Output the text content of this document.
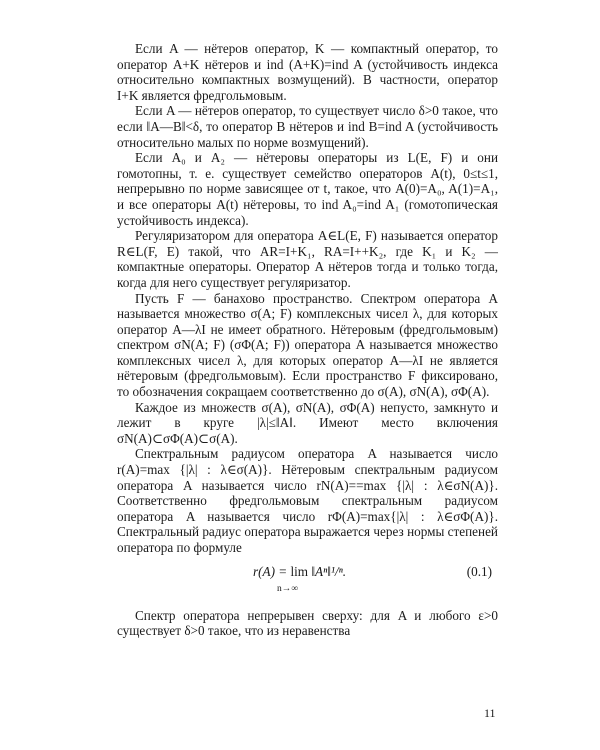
Если A — нётеров оператор, K — компактный оператор, то оператор A+K нётеров и ind (A+K)=ind A (устойчивость индекса относительно компактных возмущений). В частности, оператор I+K является фредгольмовым.

Если A — нётеров оператор, то существует число δ>0 такое, что если ‖A—B‖<δ, то оператор B нётеров и ind B=ind A (устойчивость относительно малых по норме возмущений).

Если A₀ и A₂ — нётеровы операторы из L(E, F) и они гомотопны, т. е. существует семейство операторов A(t), 0≤t≤1, непрерывно по норме зависящее от t, такое, что A(0)=A₀, A(1)=A₁, и все операторы A(t) нётеровы, то ind A₀=ind A₁ (гомотопическая устойчивость индекса).

Регуляризатором для оператора A∈L(E, F) называется оператор R∈L(F, E) такой, что AR=I+K₁, RA=I++K₂, где K₁ и K₂ — компактные операторы. Оператор A нётеров тогда и только тогда, когда для него существует регуляризатор.

Пусть F — банахово пространство. Спектром оператора A называется множество σ(A; F) комплексных чисел λ, для которых оператор A—λI не имеет обратного. Нётеровым (фредгольмовым) спектром σN(A; F) (σΦ(A; F)) оператора A называется множество комплексных чисел λ, для которых оператор A—λI не является нётеровым (фредгольмовым). Если пространство F фиксировано, то обозначения сокращаем соответственно до σ(A), σN(A), σΦ(A).

Каждое из множеств σ(A), σN(A), σΦ(A) непусто, замкнуто и лежит в круге |λ|≤‖A‖. Имеют место включения σN(A)⊂σΦ(A)⊂σ(A).

Спектральным радиусом оператора A называется число r(A)=max {|λ| : λ∈σ(A)}. Нётеровым спектральным радиусом оператора A называется число rN(A)==max {|λ| : λ∈σN(A)}. Соответственно фредгольмовым спектральным радиусом оператора A называется число rΦ(A)=max{|λ| : λ∈σΦ(A)}. Спектральный радиус оператора выражается через нормы степеней оператора по формуле

r(A) = lim ‖Aⁿ‖¹/ⁿ.
n→∞
(0.1)

Спектр оператора непрерывен сверху: для A и любого ε>0 существует δ>0 такое, что из неравенства

11
